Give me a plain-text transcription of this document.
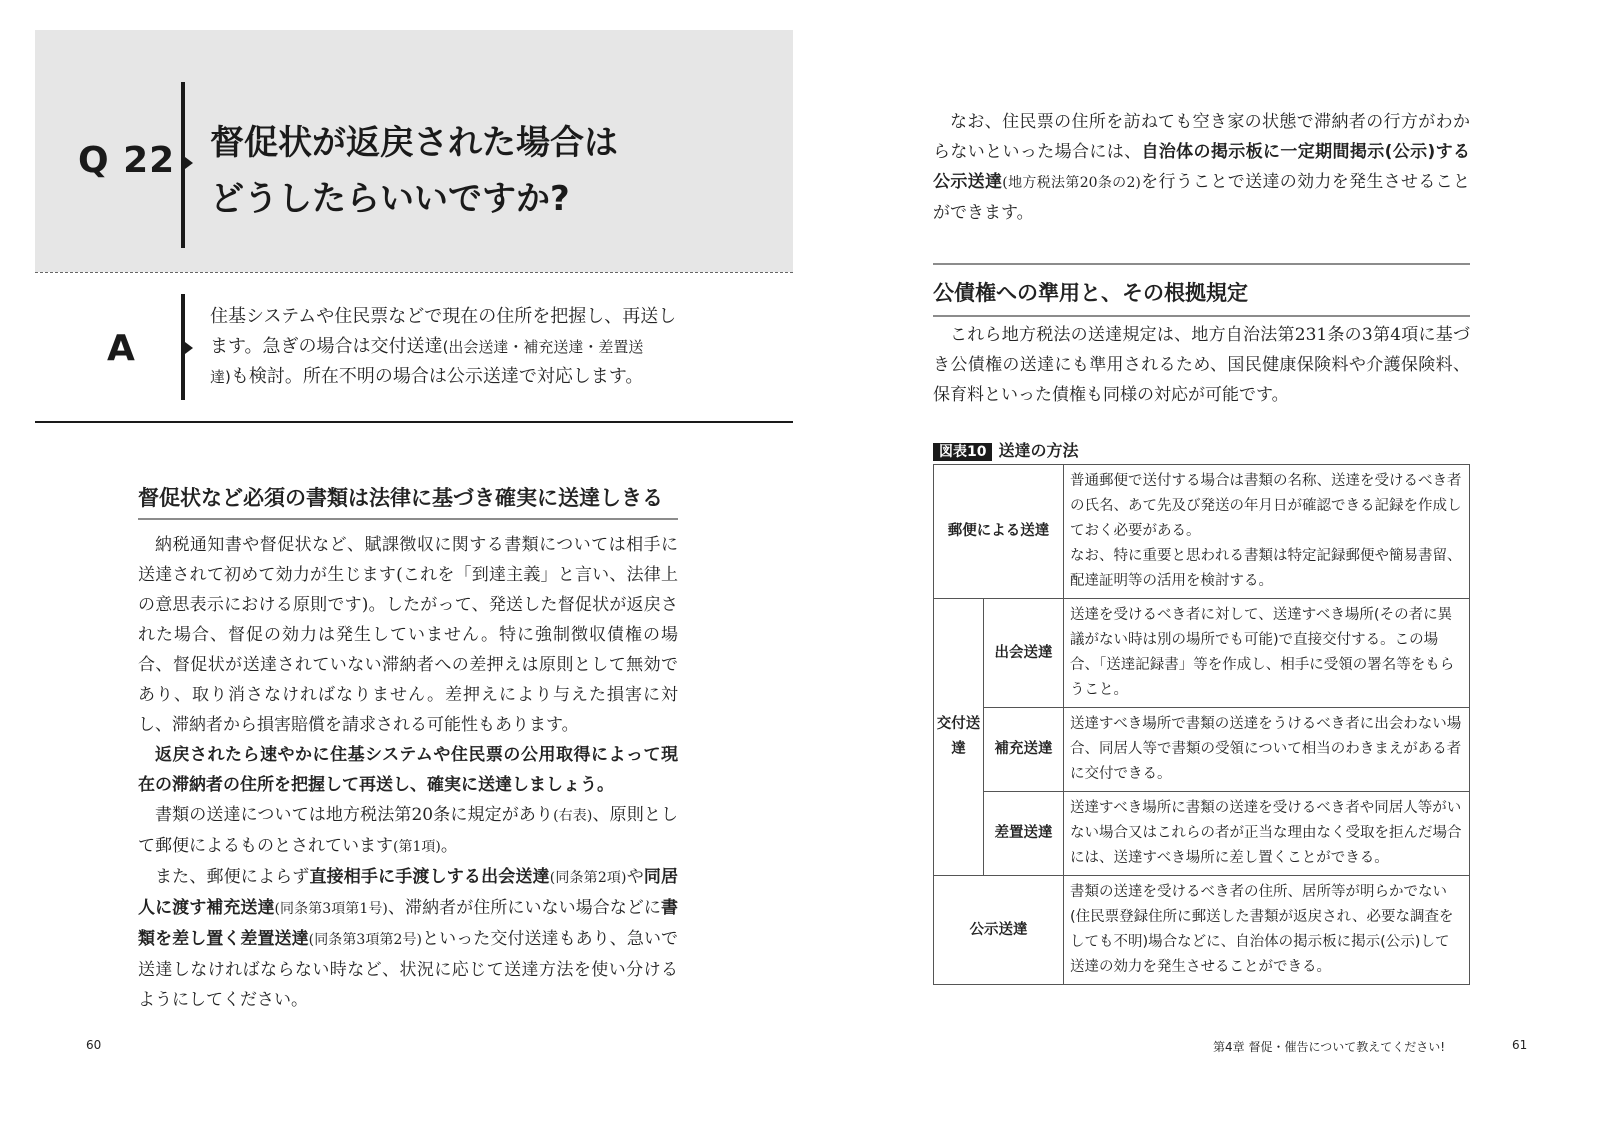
Q 22 督促状が返戻された場合は
どうしたらいいですか?
A
住基システムや住民票などで現在の住所を把握し、再送し
ます。急ぎの場合は交付送達(出会送達・補充送達・差置送
達)も検討。所在不明の場合は公示送達で対応します。
督促状など必須の書類は法律に基づき確実に送達しきる

納税通知書や督促状など、賦課徴収に関する書類については相手に送達されて初めて効力が生じます(これを「到達主義」と言い、法律上の意思表示における原則です)。したがって、発送した督促状が返戻された場合、督促の効力は発生していません。特に強制徴収債権の場合、督促状が送達されていない滞納者への差押えは原則として無効であり、取り消さなければなりません。差押えにより与えた損害に対し、滞納者から損害賠償を請求される可能性もあります。

返戻されたら速やかに住基システムや住民票の公用取得によって現在の滞納者の住所を把握して再送し、確実に送達しましょう。

書類の送達については地方税法第20条に規定があり(右表)、原則として郵便によるものとされています(第1項)。

また、郵便によらず直接相手に手渡しする出会送達(同条第2項)や同居人に渡す補充送達(同条第3項第1号)、滞納者が住所にいない場合などに書類を差し置く差置送達(同条第3項第2号)といった交付送達もあり、急いで送達しなければならない時など、状況に応じて送達方法を使い分けるようにしてください。

60
なお、住民票の住所を訪ねても空き家の状態で滞納者の行方がわからないといった場合には、自治体の掲示板に一定期間掲示(公示)する公示送達(地方税法第20条の2)を行うことで送達の効力を発生させることができます。
公債権への準用と、その根拠規定
これら地方税法の送達規定は、地方自治法第231条の3第4項に基づき公債権の送達にも準用されるため、国民健康保険料や介護保険料、保育料といった債権も同様の対応が可能です。
図表10 送達の方法
郵便による送達		普通郵便で送付する場合は書類の名称、送達を受けるべき者の氏名、あて先及び発送の年月日が確認できる記録を作成しておく必要がある。
なお、特に重要と思われる書類は特定記録郵便や簡易書留、配達証明等の活用を検討する。

交付送達	出会送達	送達を受けるべき者に対して、送達すべき場所(その者に異議がない時は別の場所でも可能)で直接交付する。この場合、「送達記録書」等を作成し、相手に受領の署名等をもらうこと。
	補充送達	送達すべき場所で書類の送達をうけるべき者に出会わない場合、同居人等で書類の受領について相当のわきまえがある者に交付できる。
	差置送達	送達すべき場所に書類の送達を受けるべき者や同居人等がいない場合又はこれらの者が正当な理由なく受取を拒んだ場合には、送達すべき場所に差し置くことができる。
公示送達		書類の送達を受けるべき者の住所、居所等が明らかでない(住民票登録住所に郵送した書類が返戻され、必要な調査をしても不明)場合などに、自治体の掲示板に掲示(公示)して送達の効力を発生させることができる。
第4章 督促・催告について教えてください!	61
